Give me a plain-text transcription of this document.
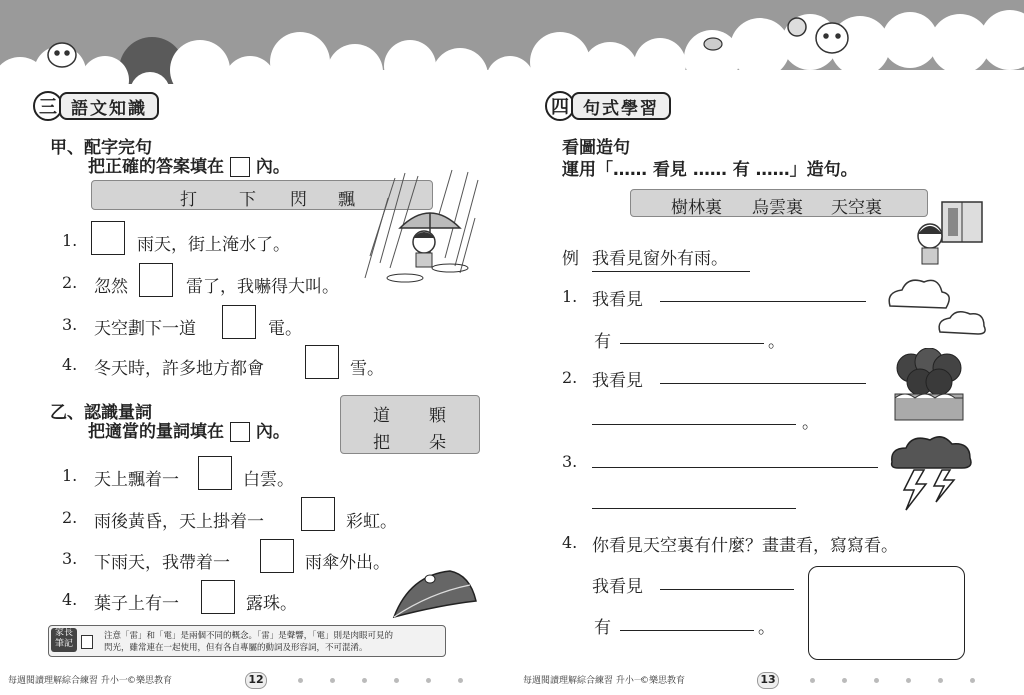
三 語文知識
甲、配字完句
把正確的答案填在 內。
打 下 閃 飄
1.	雨天，街上淹水了。
2. 忽然	雷了，我嚇得大叫。
3. 天空劃下一道	電。
4. 冬天時，許多地方都會	雪。
乙、認識量詞
把適當的量詞填在 內。
道 顆
把 朵
1. 天上飄着一	白雲。
2. 雨後黃昏，天上掛着一	彩虹。
3. 下雨天，我帶着一	雨傘外出。
4. 葉子上有一	露珠。
家長筆記
注意「雷」和「電」是兩個不同的概念。「雷」是聲響，「電」則是肉眼可見的
閃光，雖常連在一起使用，但有各自專屬的動詞及形容詞，不可混淆。
每週閱讀理解綜合練習 升小一 ©樂思教育	12
四 句式學習
看圖造句
運用「…… 看見 …… 有 ……」造句。
樹林裏 烏雲裏 天空裏
例 我看見窗外有雨。
1. 我看見
有	。
2. 我看見
。
3.
4. 你看見天空裏有什麼？畫畫看，寫寫看。
我看見
有	。
每週閱讀理解綜合練習 升小一
©樂思教育	13
